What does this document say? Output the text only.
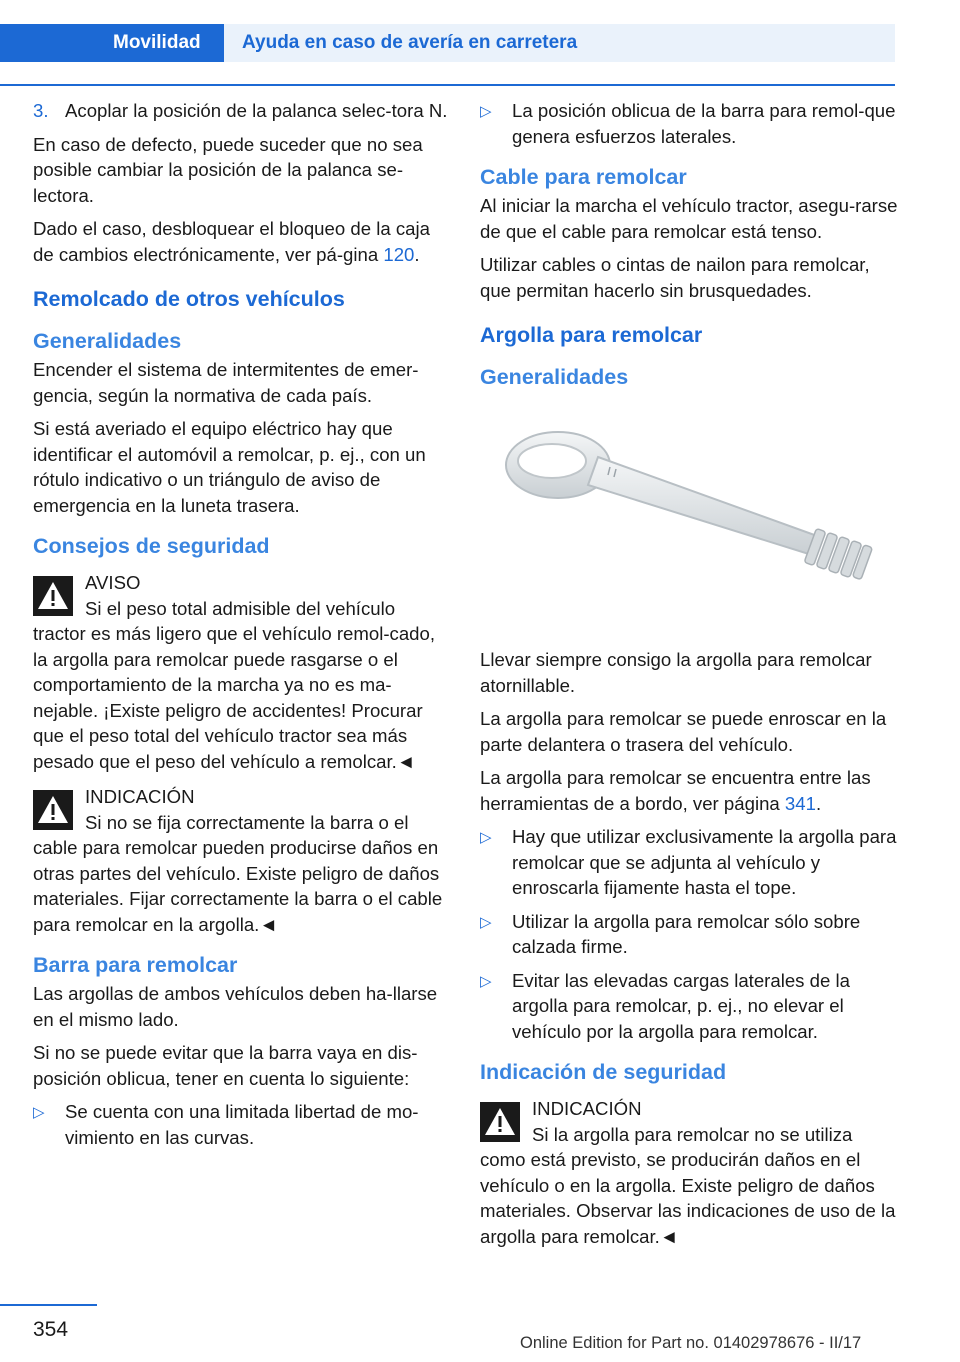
Movilidad	Ayuda en caso de avería en carretera
3. Acoplar la posición de la palanca selec-tora N.

En caso de defecto, puede suceder que no sea posible cambiar la posición de la palanca se-lectora.

Dado el caso, desbloquear el bloqueo de la caja de cambios electrónicamente, ver pá-gina 120.

Remolcado de otros vehículos
Generalidades

Encender el sistema de intermitentes de emer-gencia, según la normativa de cada país.

Si está averiado el equipo eléctrico hay que identificar el automóvil a remolcar, p. ej., con un rótulo indicativo o un triángulo de aviso de emergencia en la luneta trasera.

Consejos de seguridad
AVISO
Si el peso total admisible del vehículo tractor es más ligero que el vehículo remol-cado, la argolla para remolcar puede rasgarse o el comportamiento de la marcha ya no es ma-nejable. ¡Existe peligro de accidentes! Procurar que el peso total del vehículo tractor sea más pesado que el peso del vehículo a remolcar.◄
INDICACIÓN
Si no se fija correctamente la barra o el cable para remolcar pueden producirse daños en otras partes del vehículo. Existe peligro de daños materiales. Fijar correctamente la barra o el cable para remolcar en la argolla.◄
Barra para remolcar

Las argollas de ambos vehículos deben ha-llarse en el mismo lado.

Si no se puede evitar que la barra vaya en dis-posición oblicua, tener en cuenta lo siguiente:

▷	Se cuenta con una limitada libertad de mo-vimiento en las curvas.
▷	La posición oblicua de la barra para remol-que genera esfuerzos laterales.
Cable para remolcar

Al iniciar la marcha el vehículo tractor, asegu-rarse de que el cable para remolcar está tenso.

Utilizar cables o cintas de nailon para remolcar, que permitan hacerlo sin brusquedades.

Argolla para remolcar
Generalidades

Llevar siempre consigo la argolla para remolcar atornillable.

La argolla para remolcar se puede enroscar en la parte delantera o trasera del vehículo.

La argolla para remolcar se encuentra entre las herramientas de a bordo, ver página 341.

▷	Hay que utilizar exclusivamente la argolla para remolcar que se adjunta al vehículo y enroscarla fijamente hasta el tope.
▷	Utilizar la argolla para remolcar sólo sobre calzada firme.
▷	Evitar las elevadas cargas laterales de la argolla para remolcar, p. ej., no elevar el vehículo por la argolla para remolcar.
Indicación de seguridad
INDICACIÓN
Si la argolla para remolcar no se utiliza como está previsto, se producirán daños en el vehículo o en la argolla. Existe peligro de daños materiales. Observar las indicaciones de uso de la argolla para remolcar.◄
354
Online Edition for Part no. 01402978676 - II/17
